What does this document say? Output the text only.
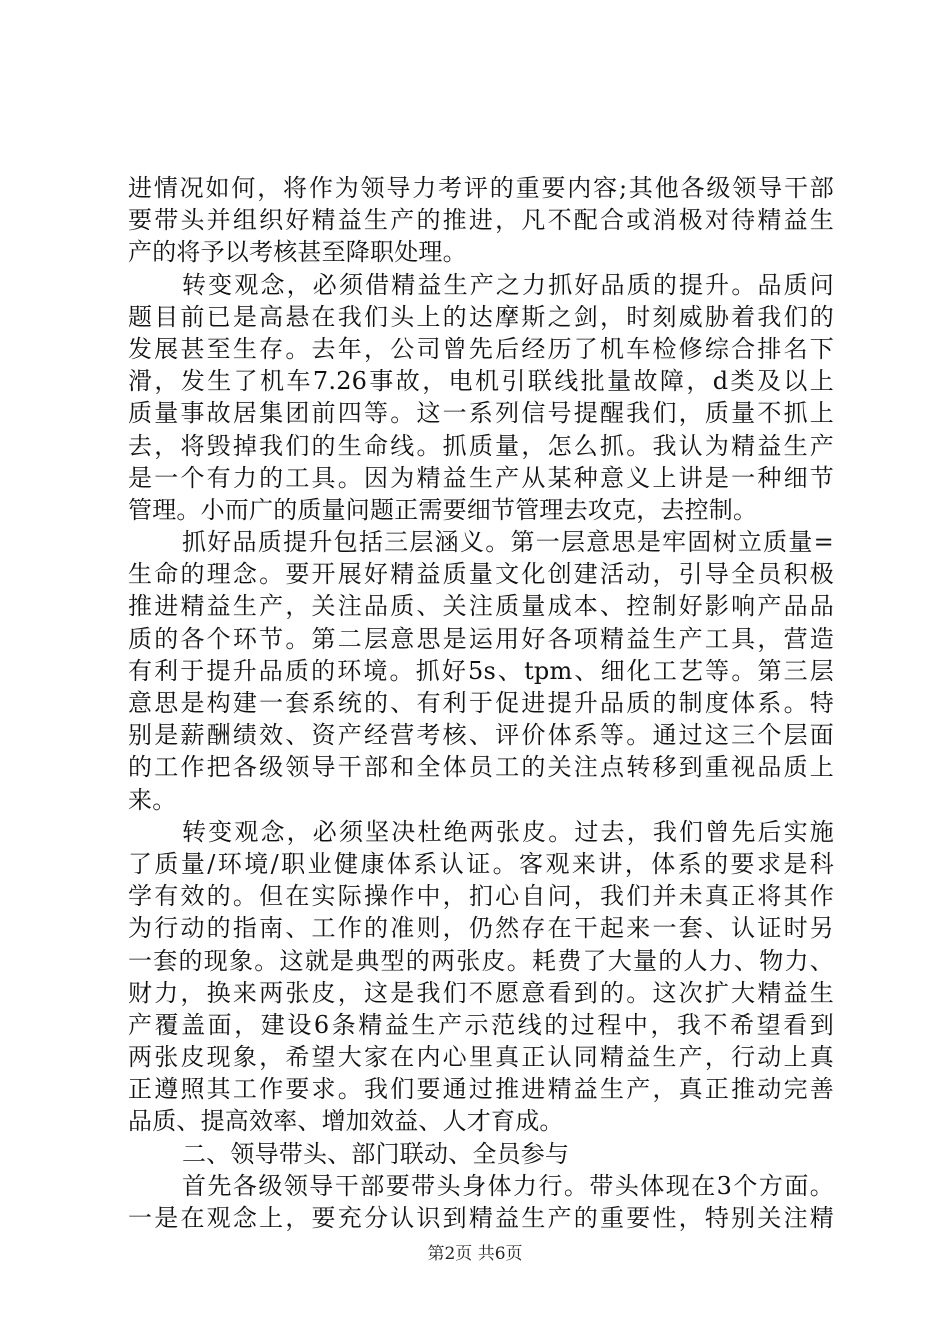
进情况如何，将作为领导力考评的重要内容;其他各级领导干部
要带头并组织好精益生产的推进，凡不配合或消极对待精益生
产的将予以考核甚至降职处理。
转变观念，必须借精益生产之力抓好品质的提升。品质问
题目前已是高悬在我们头上的达摩斯之剑，时刻威胁着我们的
发展甚至生存。去年，公司曾先后经历了机车检修综合排名下
滑，发生了机车7.26事故，电机引联线批量故障，d类及以上
质量事故居集团前四等。这一系列信号提醒我们，质量不抓上
去，将毁掉我们的生命线。抓质量，怎么抓。我认为精益生产
是一个有力的工具。因为精益生产从某种意义上讲是一种细节
管理。小而广的质量问题正需要细节管理去攻克，去控制。
抓好品质提升包括三层涵义。第一层意思是牢固树立质量=
生命的理念。要开展好精益质量文化创建活动，引导全员积极
推进精益生产，关注品质、关注质量成本、控制好影响产品品
质的各个环节。第二层意思是运用好各项精益生产工具，营造
有利于提升品质的环境。抓好5s、tpm、细化工艺等。第三层
意思是构建一套系统的、有利于促进提升品质的制度体系。特
别是薪酬绩效、资产经营考核、评价体系等。通过这三个层面
的工作把各级领导干部和全体员工的关注点转移到重视品质上
来。
转变观念，必须坚决杜绝两张皮。过去，我们曾先后实施
了质量/环境/职业健康体系认证。客观来讲，体系的要求是科
学有效的。但在实际操作中，扪心自问，我们并未真正将其作
为行动的指南、工作的准则，仍然存在干起来一套、认证时另
一套的现象。这就是典型的两张皮。耗费了大量的人力、物力、
财力，换来两张皮，这是我们不愿意看到的。这次扩大精益生
产覆盖面，建设6条精益生产示范线的过程中，我不希望看到
两张皮现象，希望大家在内心里真正认同精益生产，行动上真
正遵照其工作要求。我们要通过推进精益生产，真正推动完善
品质、提高效率、增加效益、人才育成。
二、领导带头、部门联动、全员参与
首先各级领导干部要带头身体力行。带头体现在3个方面。
一是在观念上，要充分认识到精益生产的重要性，特别关注精
第2页 共6页
